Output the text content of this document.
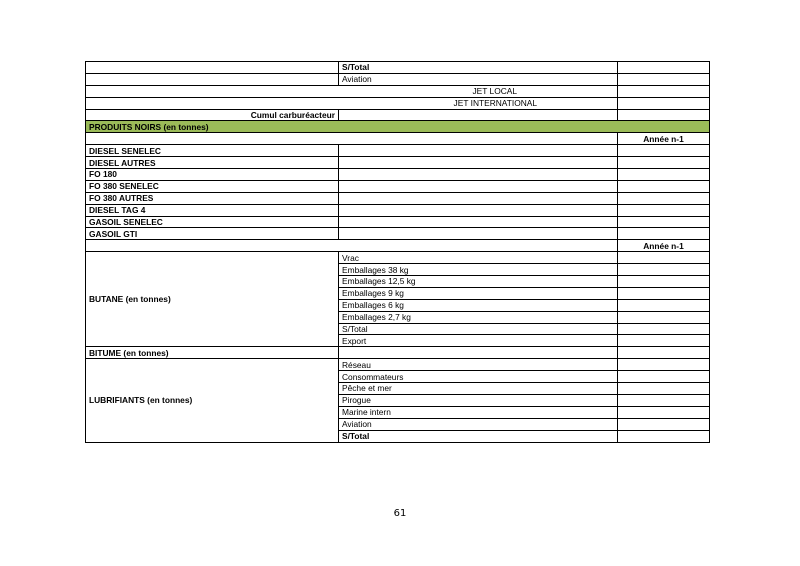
	S/Total	
	Aviation	
JET LOCAL		
JET INTERNATIONAL		
Cumul carburéacteur		
PRODUITS NOIRS (en tonnes)		
		Année n-1
DIESEL SENELEC		
DIESEL AUTRES		
FO 180		
FO 380 SENELEC		
FO 380 AUTRES		
DIESEL TAG 4		
GASOIL SENELEC		
GASOIL GTI		
		Année n-1
BUTANE (en tonnes)	Vrac	
	Emballages 38 kg	
	Emballages 12,5 kg	
	Emballages 9 kg	
	Emballages 6 kg	
	Emballages 2,7 kg	
	S/Total	
	Export	
BITUME (en tonnes)		
LUBRIFIANTS (en tonnes)	Réseau	
	Consommateurs	
	Pêche et mer	
	Pirogue	
	Marine intern	
	Aviation	
	S/Total	
61
